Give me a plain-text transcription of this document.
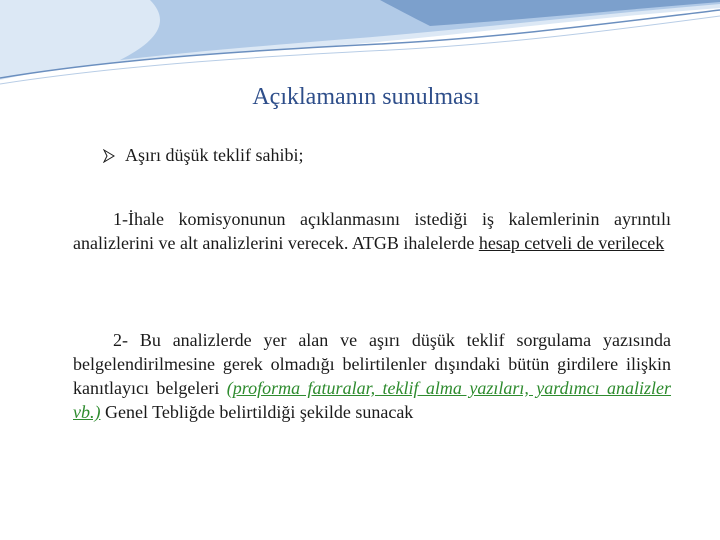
Açıklamanın sunulması
Aşırı düşük teklif sahibi;
1-İhale komisyonunun açıklanmasını istediği iş kalemlerinin ayrıntılı analizlerini ve alt analizlerini verecek. ATGB ihalelerde hesap cetveli de verilecek
2- Bu analizlerde yer alan ve aşırı düşük teklif sorgulama yazısında belgelendirilmesine gerek olmadığı belirtilenler dışındaki bütün girdilere ilişkin kanıtlayıcı belgeleri (proforma faturalar, teklif alma yazıları, yardımcı analizler vb.) Genel Tebliğde belirtildiği şekilde sunacak
